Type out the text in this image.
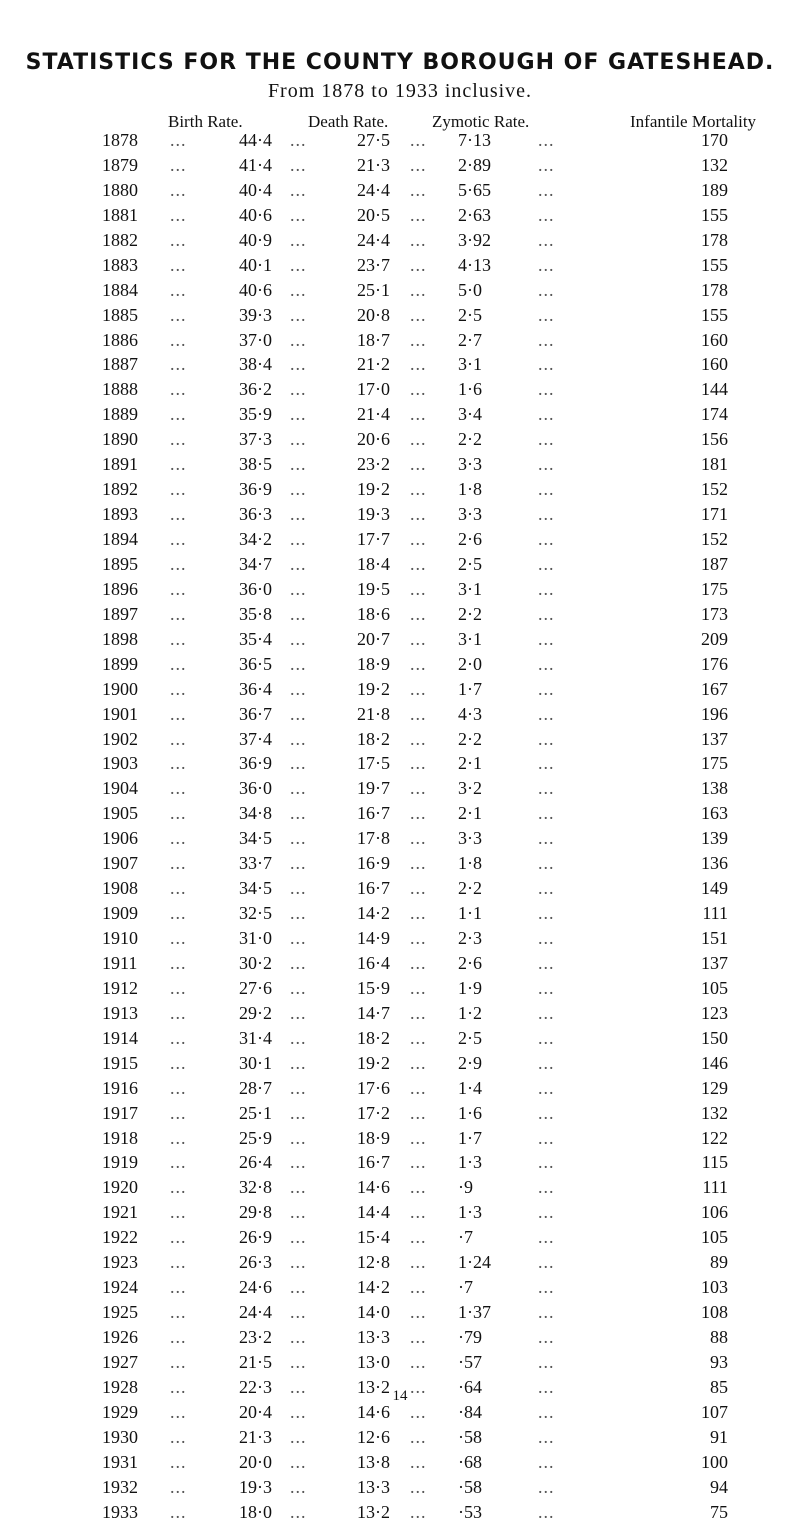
STATISTICS FOR THE COUNTY BOROUGH OF GATESHEAD.
From 1878 to 1933 inclusive.
Birth Rate.	Death Rate.	Zymotic Rate.	Infantile Mortality
1878 ...	44·4 ...	27·5 ... 7·13	...	170
1879 ...	41·4 ...	21·3 ... 2·89	...	132
1880 ...	40·4 ...	24·4 ... 5·65	...	189
1881 ...	40·6 ...	20·5 ... 2·63	...	155
1882 ...	40·9 ...	24·4 ... 3·92	...	178
1883 ...	40·1 ...	23·7 ... 4·13	...	155
1884 ...	40·6 ...	25·1 ... 5·0	...	178
1885 ...	39·3 ...	20·8 ... 2·5	...	155
1886 ...	37·0 ...	18·7 ... 2·7	...	160
1887 ...	38·4 ...	21·2 ... 3·1	...	160
1888 ...	36·2 ...	17·0 ... 1·6	...	144
1889 ...	35·9 ...	21·4 ... 3·4	...	174
1890 ...	37·3 ...	20·6 ... 2·2	...	156
1891 ...	38·5 ...	23·2 ... 3·3	...	181
1892 ...	36·9 ...	19·2 ... 1·8	...	152
1893 ...	36·3 ...	19·3 ... 3·3	...	171
1894 ...	34·2 ...	17·7 ... 2·6	...	152
1895 ...	34·7 ...	18·4 ... 2·5	...	187
1896 ...	36·0 ...	19·5 ... 3·1	...	175
1897 ...	35·8 ...	18·6 ... 2·2	...	173
1898 ...	35·4 ...	20·7 ... 3·1	...	209
1899 ...	36·5 ...	18·9 ... 2·0	...	176
1900 ...	36·4 ...	19·2 ... 1·7	...	167
1901 ...	36·7 ...	21·8 ... 4·3	...	196
1902 ...	37·4 ...	18·2 ... 2·2	...	137
1903 ...	36·9 ...	17·5 ... 2·1	...	175
1904 ...	36·0 ...	19·7 ... 3·2	...	138
1905 ...	34·8 ...	16·7 ... 2·1	...	163
1906 ...	34·5 ...	17·8 ... 3·3	...	139
1907 ...	33·7 ...	16·9 ... 1·8	...	136
1908 ...	34·5 ...	16·7 ... 2·2	...	149
1909 ...	32·5 ...	14·2 ... 1·1	...	111
1910 ...	31·0 ...	14·9 ... 2·3	...	151
1911 ...	30·2 ...	16·4 ... 2·6	...	137
1912 ...	27·6 ...	15·9 ... 1·9	...	105
1913 ...	29·2 ...	14·7 ... 1·2	...	123
1914 ...	31·4 ...	18·2 ... 2·5	...	150
1915 ...	30·1 ...	19·2 ... 2·9	...	146
1916 ...	28·7 ...	17·6 ... 1·4	...	129
1917 ...	25·1 ...	17·2 ... 1·6	...	132
1918 ...	25·9 ...	18·9 ... 1·7	...	122
1919 ...	26·4 ...	16·7 ... 1·3	...	115
1920 ...	32·8 ...	14·6 ... ·9	...	111
1921 ...	29·8 ...	14·4 ... 1·3	...	106
1922 ...	26·9 ...	15·4 ... ·7	...	105
1923 ...	26·3 ...	12·8 ... 1·24	...	89
1924 ...	24·6 ...	14·2 ... ·7	...	103
1925 ...	24·4 ...	14·0 ... 1·37	...	108
1926 ...	23·2 ...	13·3 ... ·79	...	88
1927 ...	21·5 ...	13·0 ... ·57	...	93
1928 ...	22·3 ...	13·2 ... ·64	...	85
1929 ...	20·4 ...	14·6 ... ·84	...	107
1930 ...	21·3 ...	12·6 ... ·58	...	91
1931 ...	20·0 ...	13·8 ... ·68	...	100
1932 ...	19·3 ...	13·3 ... ·58	...	94
1933 ...	18·0 ...	13·2 ... ·53	...	75
14
